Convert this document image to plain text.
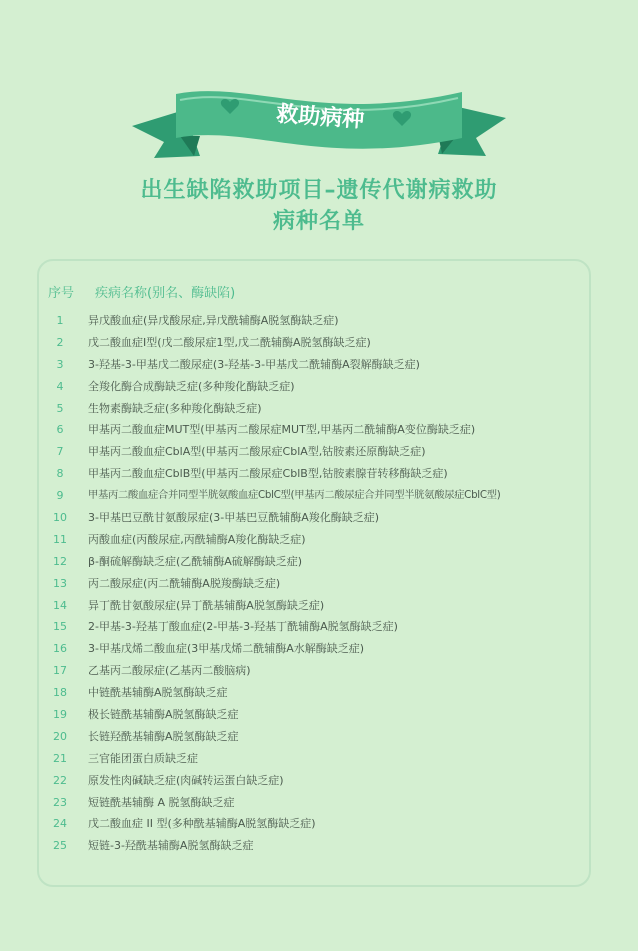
救助病种
出生缺陷救助项目–遗传代谢病救助
病种名单
序号 疾病名称(别名、酶缺陷)
1	异戊酸血症(异戊酸尿症,异戊酰辅酶A脱氢酶缺乏症)
2	戊二酸血症I型(戊二酸尿症1型,戊二酰辅酶A脱氢酶缺乏症)
3	3-羟基-3-甲基戊二酸尿症(3-羟基-3-甲基戊二酰辅酶A裂解酶缺乏症)
4	全羧化酶合成酶缺乏症(多种羧化酶缺乏症)
5	生物素酶缺乏症(多种羧化酶缺乏症)
6	甲基丙二酸血症MUT型(甲基丙二酸尿症MUT型,甲基丙二酰辅酶A变位酶缺乏症)
7	甲基丙二酸血症CblA型(甲基丙二酸尿症CblA型,钴胺素还原酶缺乏症)
8	甲基丙二酸血症CblB型(甲基丙二酸尿症CblB型,钴胺素腺苷转移酶缺乏症)
9	甲基丙二酸血症合并同型半胱氨酸血症CblC型(甲基丙二酸尿症合并同型半胱氨酸尿症CblC型)
10	3-甲基巴豆酰甘氨酸尿症(3-甲基巴豆酰辅酶A羧化酶缺乏症)
11	丙酸血症(丙酸尿症,丙酰辅酶A羧化酶缺乏症)
12	β-酮硫解酶缺乏症(乙酰辅酶A硫解酶缺乏症)
13	丙二酸尿症(丙二酰辅酶A脱羧酶缺乏症)
14	异丁酰甘氨酸尿症(异丁酰基辅酶A脱氢酶缺乏症)
15	2-甲基-3-羟基丁酸血症(2-甲基-3-羟基丁酰辅酶A脱氢酶缺乏症)
16	3-甲基戊烯二酸血症(3甲基戊烯二酰辅酶A水解酶缺乏症)
17	乙基丙二酸尿症(乙基丙二酸脑病)
18	中链酰基辅酶A脱氢酶缺乏症
19	极长链酰基辅酶A脱氢酶缺乏症
20	长链羟酰基辅酶A脱氢酶缺乏症
21	三官能团蛋白质缺乏症
22	原发性肉碱缺乏症(肉碱转运蛋白缺乏症)
23	短链酰基辅酶 A 脱氢酶缺乏症
24	戊二酸血症 II 型(多种酰基辅酶A脱氢酶缺乏症)
25	短链-3-羟酰基辅酶A脱氢酶缺乏症
